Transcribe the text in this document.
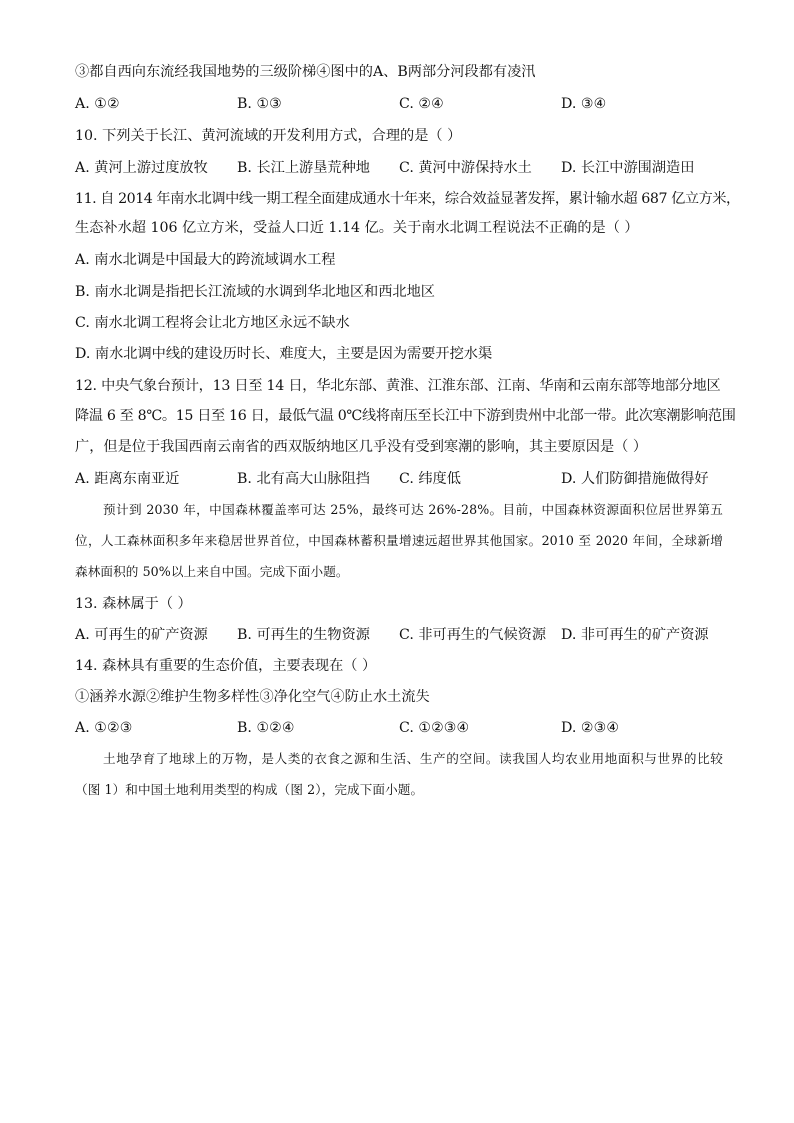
③都自西向东流经我国地势的三级阶梯④图中的A、B两部分河段都有凌汛
A. ①②	B. ①③	C. ②④	D. ③④
10. 下列关于长江、黄河流域的开发利用方式，合理的是（ ）
A. 黄河上游过度放牧 B. 长江上游垦荒种地 C. 黄河中游保持水土 D. 长江中游围湖造田
11. 自 2014 年南水北调中线一期工程全面建成通水十年来，综合效益显著发挥，累计输水超 687 亿立方米，
生态补水超 106 亿立方米，受益人口近 1.14 亿。关于南水北调工程说法不正确的是（ ）
A. 南水北调是中国最大的跨流域调水工程
B. 南水北调是指把长江流域的水调到华北地区和西北地区
C. 南水北调工程将会让北方地区永远不缺水
D. 南水北调中线的建设历时长、难度大，主要是因为需要开挖水渠
12. 中央气象台预计，13 日至 14 日，华北东部、黄淮、江淮东部、江南、华南和云南东部等地部分地区
降温 6 至 8℃。15 日至 16 日，最低气温 0℃线将南压至长江中下游到贵州中北部一带。此次寒潮影响范围
广，但是位于我国西南云南省的西双版纳地区几乎没有受到寒潮的影响，其主要原因是（ ）
A. 距离东南亚近	B. 北有高大山脉阻挡 C. 纬度低	D. 人们防御措施做得好
预计到 2030 年，中国森林覆盖率可达 25%，最终可达 26%-28%。目前，中国森林资源面积位居世界第五位，人工森林面积多年来稳居世界首位，中国森林蓄积量增速远超世界其他国家。2010 至 2020 年间，全球新增森林面积的 50%以上来自中国。完成下面小题。
13. 森林属于（ ）
A. 可再生的矿产资源 B. 可再生的生物资源 C. 非可再生的气候资源 D. 非可再生的矿产资源
14. 森林具有重要的生态价值，主要表现在（ ）
①涵养水源②维护生物多样性③净化空气④防止水土流失
A. ①②③	B. ①②④	C. ①②③④	D. ②③④
土地孕育了地球上的万物，是人类的衣食之源和生活、生产的空间。读我国人均农业用地面积与世界的比较（图 1）和中国土地利用类型的构成（图 2），完成下面小题。
